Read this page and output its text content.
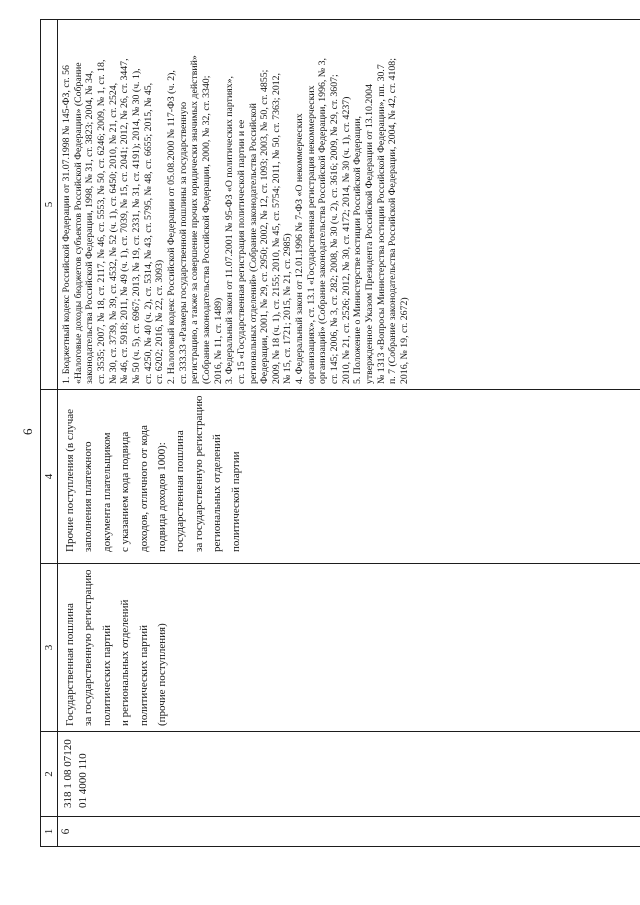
6
1
2
3
4
5
6
318 1 08 07120 01 4000 110
Государственная пошлина за государственную регистрацию политических партий и региональных отделений политических партий (прочие поступления)
Прочие поступления (в случае заполнения платежного документа плательщиком с указанием кода подвида доходов, отличного от кода подвида доходов 1000): государственная пошлина за государственную регистрацию региональных отделений политической партии
1. Бюджетный кодекс Российской Федерации от 31.07.1998 № 145-ФЗ, ст. 56 «Налоговые доходы бюджетов субъектов Российской Федерации» (Собрание законодательства Российской Федерации, 1998, № 31, ст. 3823; 2004, № 34, ст. 3535; 2007, № 18, ст. 2117, № 46, ст. 5553, № 50, ст. 6246; 2009, № 1, ст. 18, № 30, ст. 3739, № 39, ст. 4532, № 52 (ч. 1), ст. 6450; 2010, № 21, ст. 2524, № 46, ст. 5918; 2011, № 49 (ч. 1), ст. 7039, № 15, ст. 2041; 2012, № 26, ст. 3447, № 50 (ч. 5), ст. 6967; 2013, № 19, ст. 2331, № 31, ст. 4191); 2014, № 30 (ч. 1), ст. 4250, № 40 (ч. 2), ст. 5314, № 43, ст. 5795, № 48, ст. 6655; 2015, № 45, ст. 6202; 2016, № 22, ст. 3093) 2. Налоговый кодекс Российской Федерации от 05.08.2000 № 117-ФЗ (ч. 2), ст. 333.33 «Размеры государственной пошлины за государственную регистрацию, а также за совершение прочих юридически значимых действий» (Собрание законодательства Российской Федерации, 2000, № 32, ст. 3340; 2016, № 11, ст. 1489) 3. Федеральный закон от 11.07.2001 № 95-ФЗ «О политических партиях», ст. 15 «Государственная регистрация политической партии и ее региональных отделений» (Собрание законодательства Российской Федерации, 2001, № 29, ст. 2950; 2002, № 12, ст. 1093; 2003, № 50, ст. 4855; 2009, № 18 (ч. 1), ст. 2155; 2010, № 45, ст. 5754; 2011, № 50, ст. 7363; 2012, № 15, ст. 1721; 2015, № 21, ст. 2985) 4. Федеральный закон от 12.01.1996 № 7-ФЗ «О некоммерческих организациях», ст. 13.1 «Государственная регистрация некоммерческих организаций» (Собрание законодательства Российской Федерации, 1996, № 3, ст. 145; 2006, № 3, ст. 282; 2008, № 30 (ч. 2), ст. 3616; 2009, № 29, ст. 3607; 2010, № 21, ст. 2526; 2012, № 30, ст. 4172; 2014, № 30 (ч. 1), ст. 4237) 5. Положение о Министерстве юстиции Российской Федерации, утвержденное Указом Президента Российской Федерации от 13.10.2004 № 1313 «Вопросы Министерства юстиции Российской Федерации», пп. 30.7 п. 7 (Собрание законодательства Российской Федерации, 2004, № 42, ст. 4108; 2016, № 19, ст. 2672)
